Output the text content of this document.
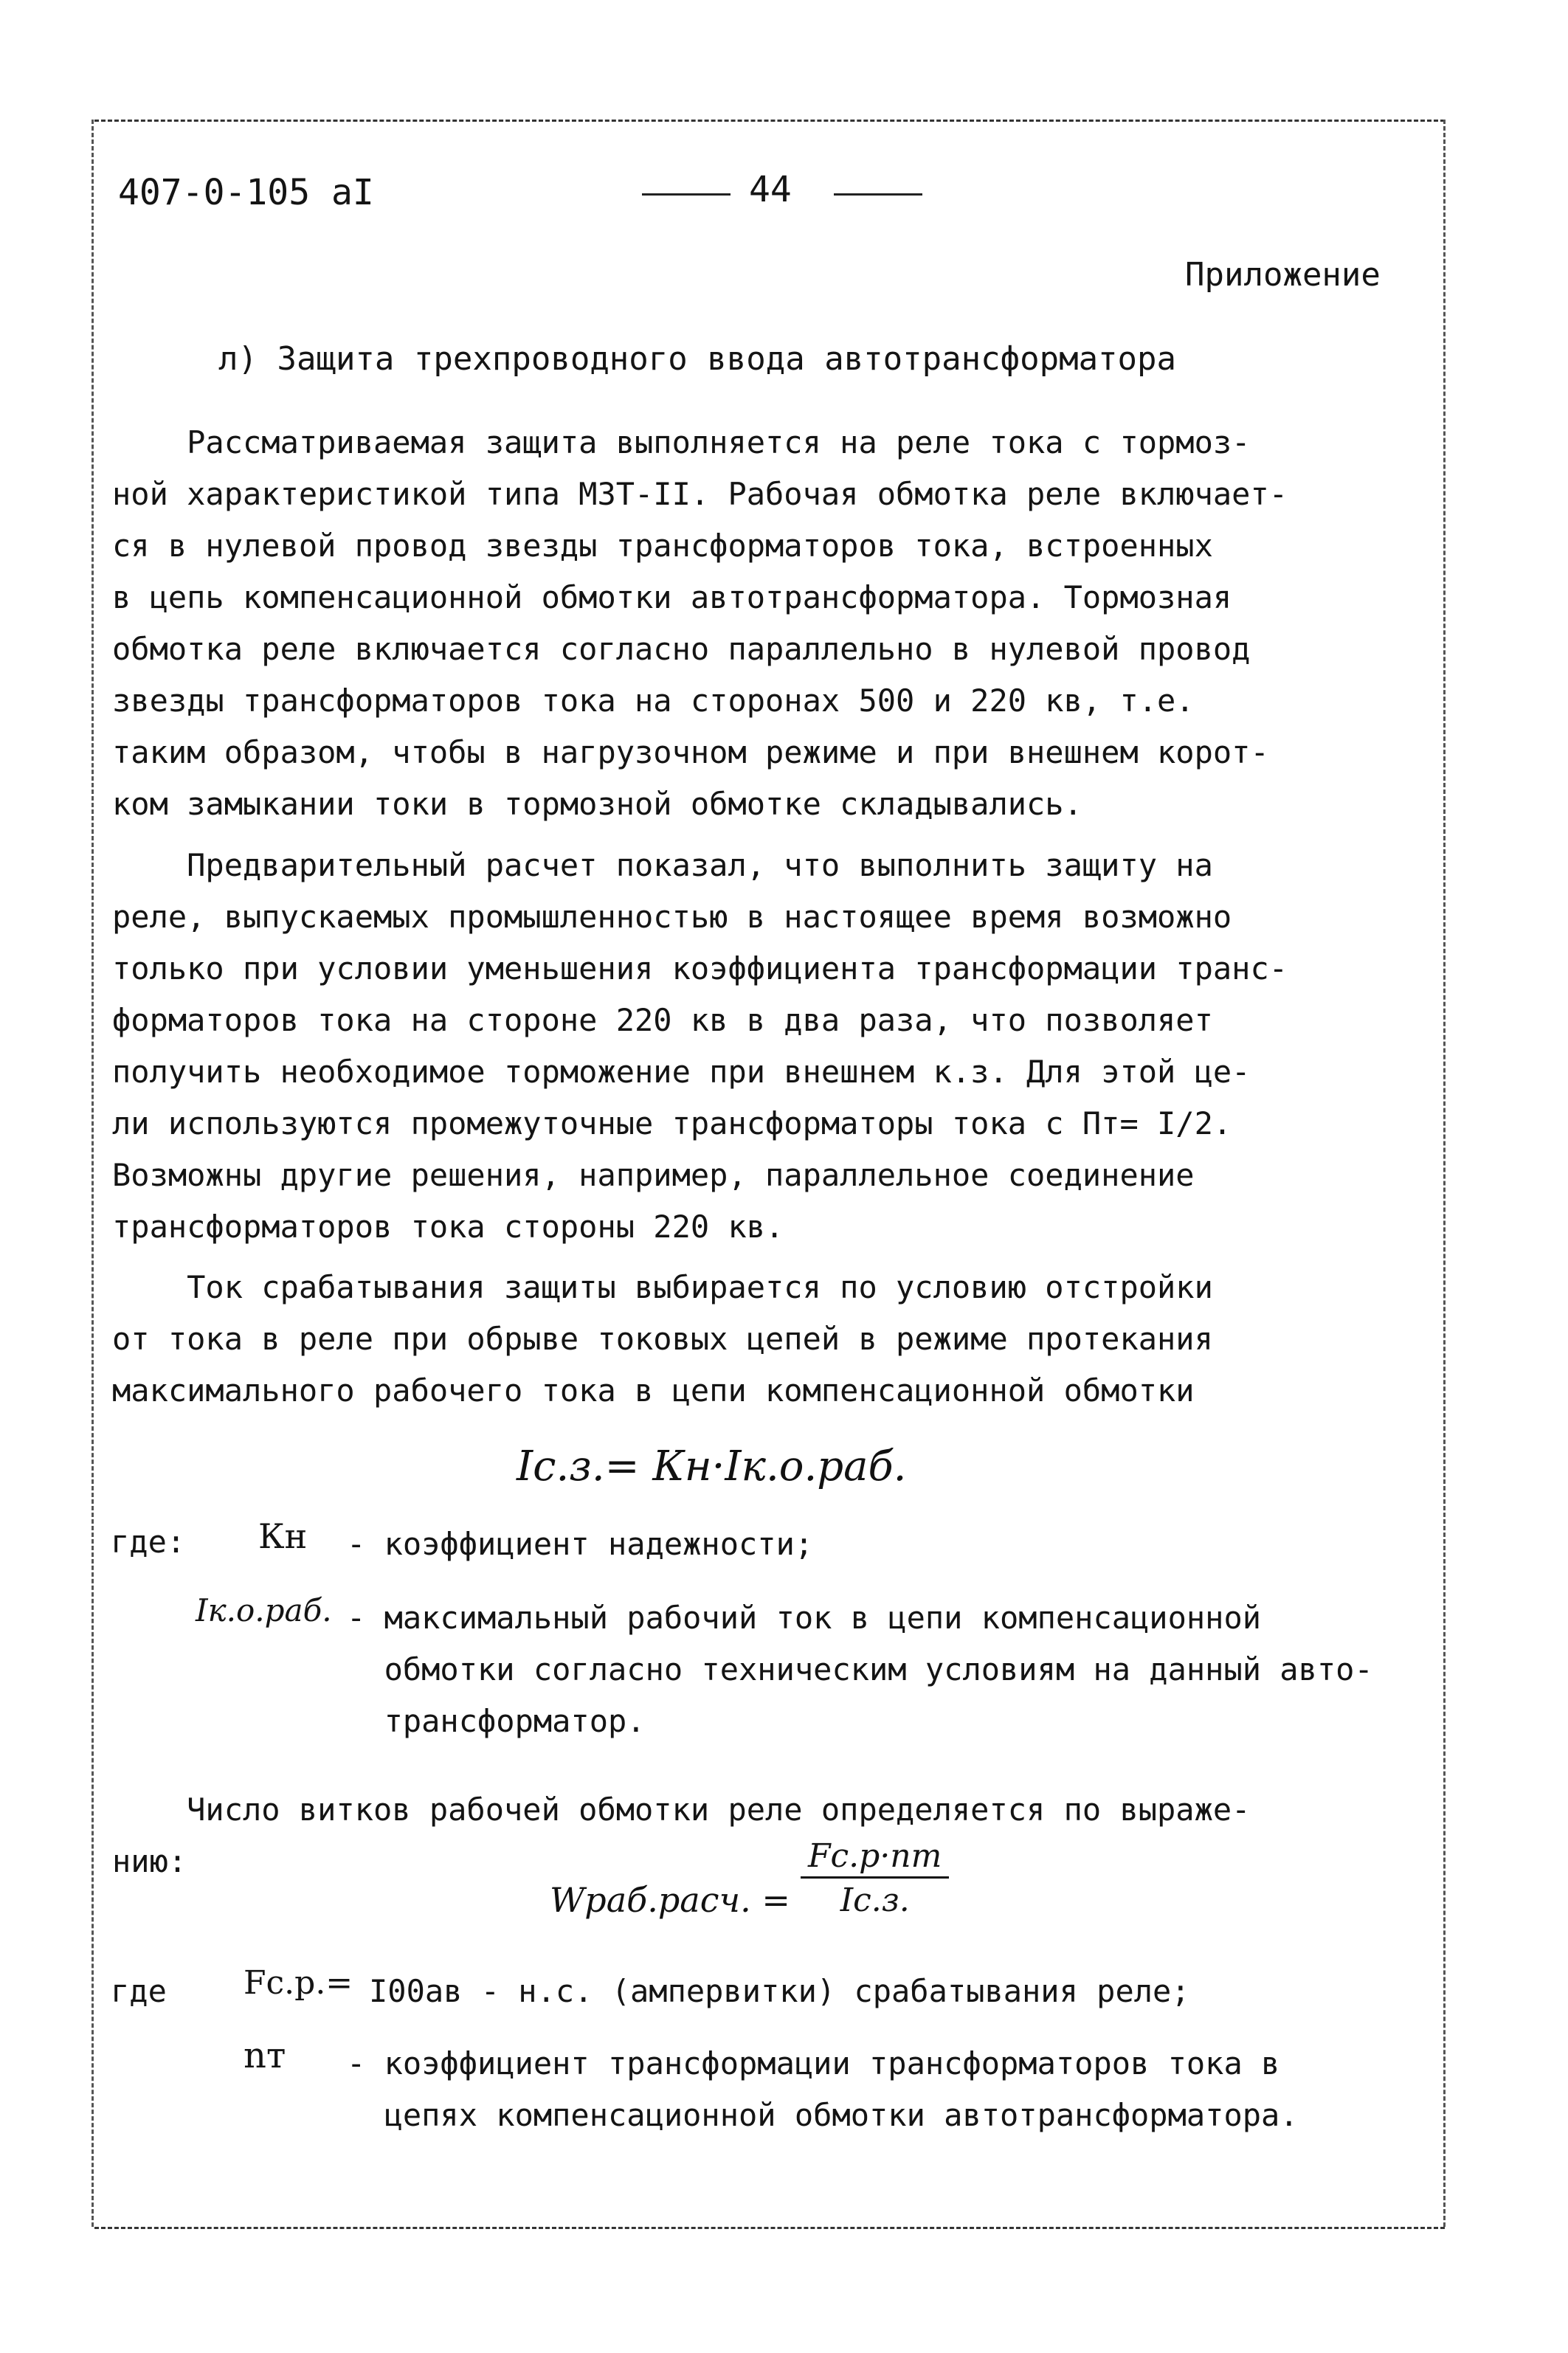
407-0-105 аІ	44
Приложение
л) Защита трехпроводного ввода автотрансформатора
Рассматриваемая защита выполняется на реле тока с тормоз-
ной характеристикой типа МЗТ-ІІ. Рабочая обмотка реле включает-
ся в нулевой провод звезды трансформаторов тока, встроенных
в цепь компенсационной обмотки автотрансформатора. Тормозная
обмотка реле включается согласно параллельно в нулевой провод
звезды трансформаторов тока на сторонах 500 и 220 кв, т.е.
таким образом, чтобы в нагрузочном режиме и при внешнем корот-
ком замыкании токи в тормозной обмотке складывались.
Предварительный расчет показал, что выполнить защиту на
реле, выпускаемых промышленностью в настоящее время возможно
только при условии уменьшения коэффициента трансформации транс-
форматоров тока на стороне 220 кв в два раза, что позволяет
получить необходимое торможение при внешнем к.з. Для этой це-
ли используются промежуточные трансформаторы тока с Пт= І/2.
Возможны другие решения, например, параллельное соединение
трансформаторов тока стороны 220 кв.
Ток срабатывания защиты выбирается по условию отстройки
от тока в реле при обрыве токовых цепей в режиме протекания
максимального рабочего тока в цепи компенсационной обмотки
Ic.з.= Кн·Iк.о.раб.
где: Кн - коэффициент надежности;
Iк.о.раб. - максимальный рабочий ток в цепи компенсационной
обмотки согласно техническим условиям на данный авто-
трансформатор.
Число витков рабочей обмотки реле определяется по выраже-
нию:
Wраб.расч. =
Fc.p·nт
Ic.з.
где Fc.p.= І00ав - н.с. (ампервитки) срабатывания реле;
nт - коэффициент трансформации трансформаторов тока в
цепях компенсационной обмотки автотрансформатора.
